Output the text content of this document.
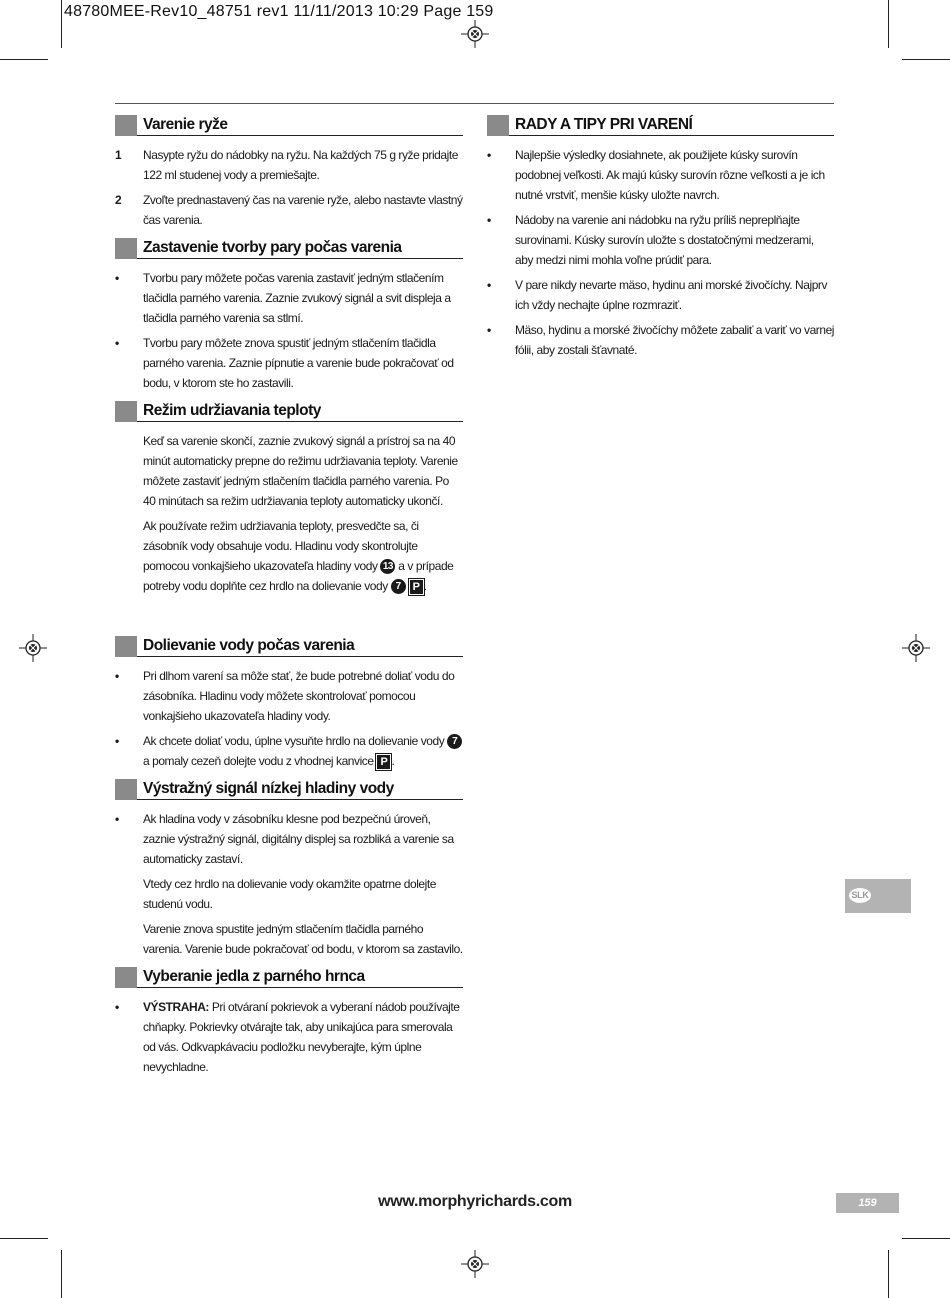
48780MEE-Rev10_48751 rev1 11/11/2013 10:29 Page 159
Varenie ryže
1	Nasypte ryžu do nádobky na ryžu. Na každých 75 g ryže pridajte 122 ml studenej vody a premiešajte.
2	Zvoľte prednastavený čas na varenie ryže, alebo nastavte vlastný čas varenia.
Zastavenie tvorby pary počas varenia
•	Tvorbu pary môžete počas varenia zastaviť jedným stlačením tlačidla parného varenia. Zaznie zvukový signál a svit displeja a tlačidla parného varenia sa stlmí.
•	Tvorbu pary môžete znova spustiť jedným stlačením tlačidla parného varenia. Zaznie pípnutie a varenie bude pokračovať od bodu, v ktorom ste ho zastavili.
Režim udržiavania teploty
Keď sa varenie skončí, zaznie zvukový signál a prístroj sa na 40 minút automaticky prepne do režimu udržiavania teploty. Varenie môžete zastaviť jedným stlačením tlačidla parného varenia. Po 40 minútach sa režim udržiavania teploty automaticky ukončí.
Ak používate režim udržiavania teploty, presvedčte sa, či zásobník vody obsahuje vodu. Hladinu vody skontrolujte pomocou vonkajšieho ukazovateľa hladiny vody 13 a v prípade potreby vodu doplňte cez hrdlo na dolievanie vody 7 P .
Dolievanie vody počas varenia
•	Pri dlhom varení sa môže stať, že bude potrebné doliať vodu do zásobníka. Hladinu vody môžete skontrolovať pomocou vonkajšieho ukazovateľa hladiny vody.
•	Ak chcete doliať vodu, úplne vysuňte hrdlo na dolievanie vody 7 a pomaly cezeň dolejte vodu z vhodnej kanvice P .
Výstražný signál nízkej hladiny vody
•	Ak hladina vody v zásobníku klesne pod bezpečnú úroveň, zaznie výstražný signál, digitálny displej sa rozbliká a varenie sa automaticky zastaví.
Vtedy cez hrdlo na dolievanie vody okamžite opatrne dolejte studenú vodu.
Varenie znova spustite jedným stlačením tlačidla parného varenia. Varenie bude pokračovať od bodu, v ktorom sa zastavilo.
Vyberanie jedla z parného hrnca
•	VÝSTRAHA: Pri otváraní pokrievok a vyberaní nádob používajte chňapky. Pokrievky otvárajte tak, aby unikajúca para smerovala od vás. Odkvapkávaciu podložku nevyberajte, kým úplne nevychladne.
RADY A TIPY PRI VARENÍ
•	Najlepšie výsledky dosiahnete, ak použijete kúsky surovín podobnej veľkosti. Ak majú kúsky surovín rôzne veľkosti a je ich nutné vrstviť, menšie kúsky uložte navrch.
•	Nádoby na varenie ani nádobku na ryžu príliš nepreplňajte surovinami. Kúsky surovín uložte s dostatočnými medzerami, aby medzi nimi mohla voľne prúdiť para.
•	V pare nikdy nevarte mäso, hydinu ani morské živočíchy. Najprv ich vždy nechajte úplne rozmraziť.
•	Mäso, hydinu a morské živočíchy môžete zabaliť a variť vo varnej fólii, aby zostali šťavnaté.
SLK
www.morphyrichards.com	159
